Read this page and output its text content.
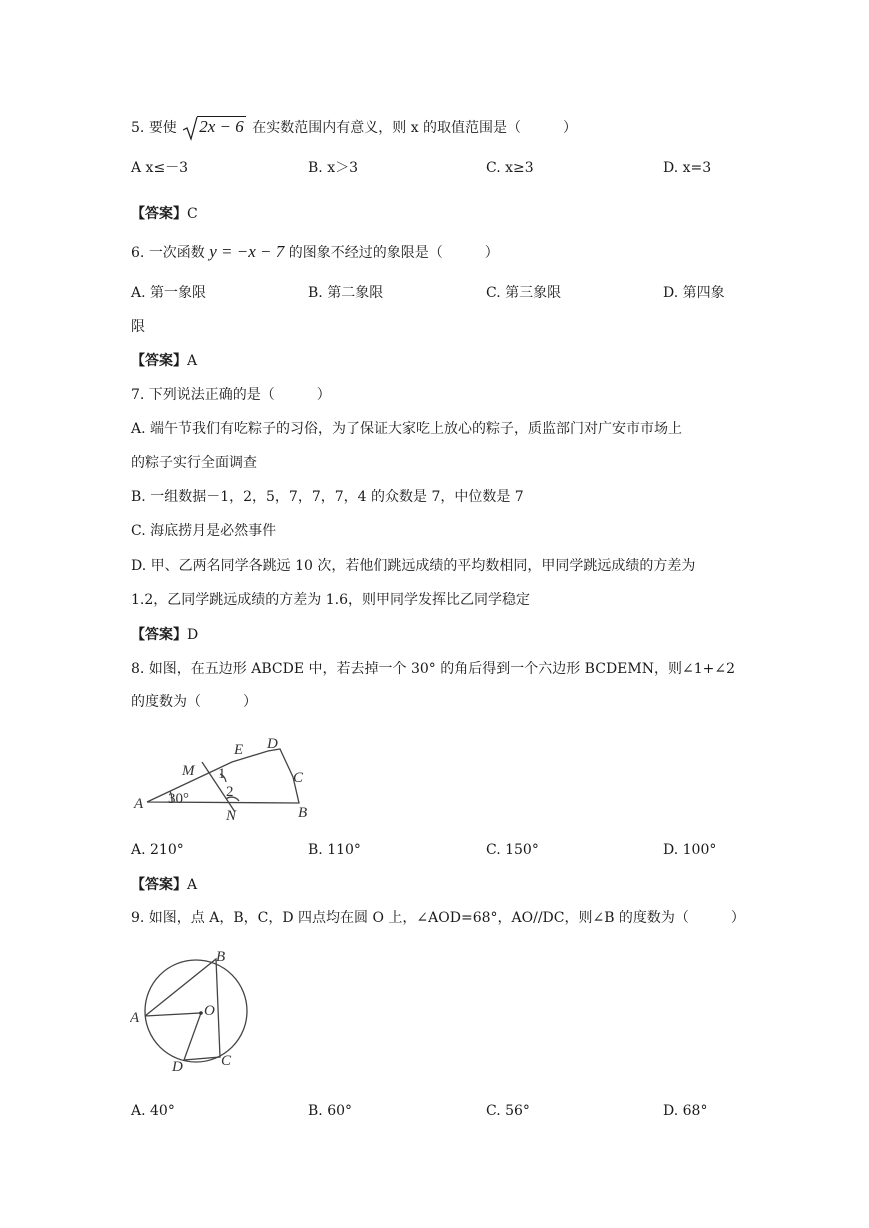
5. 要使 2x − 6 在实数范围内有意义，则 x 的取值范围是（　　　）
A x≤－3	B. x＞3	C. x≥3	D. x=3
【答案】C
6. 一次函数 y = −x − 7 的图象不经过的象限是（　　　）
A. 第一象限	B. 第二象限	C. 第三象限	D. 第四象
限
【答案】A
7. 下列说法正确的是（　　　）
A. 端午节我们有吃粽子的习俗，为了保证大家吃上放心的粽子，质监部门对广安市市场上
的粽子实行全面调查
B. 一组数据－1，2，5，7，7，7，4 的众数是 7，中位数是 7
C. 海底捞月是必然事件
D. 甲、乙两名同学各跳远 10 次，若他们跳远成绩的平均数相同，甲同学跳远成绩的方差为
1.2，乙同学跳远成绩的方差为 1.6，则甲同学发挥比乙同学稳定
【答案】D
8. 如图，在五边形 ABCDE 中，若去掉一个 30° 的角后得到一个六边形 BCDEMN，则∠1+∠2
的度数为（　　　）
A 30°
M
E D
C
B
1
2
N
A. 210°	B. 110°	C. 150°	D. 100°
【答案】A
9. 如图，点 A，B，C，D 四点均在圆 O 上，∠AOD=68°，AO//DC，则∠B 的度数为（　　　）
A
B
C
D
O
A. 40°	B. 60°	C. 56°	D. 68°
